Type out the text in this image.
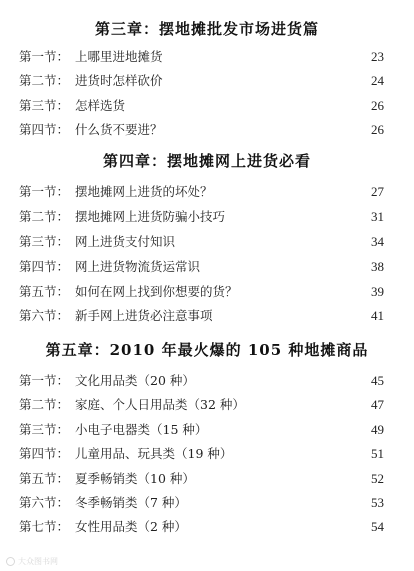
第三章：摆地摊批发市场进货篇
第一节： 上哪里进地摊货	23
第二节： 进货时怎样砍价	24
第三节： 怎样选货	26
第四节： 什么货不要进？	26
第四章：摆地摊网上进货必看
第一节： 摆地摊网上进货的坏处？	27
第二节： 摆地摊网上进货防骗小技巧	31
第三节： 网上进货支付知识	34
第四节： 网上进货物流货运常识	38
第五节： 如何在网上找到你想要的货？	39
第六节： 新手网上进货必注意事项	41
第五章：2010 年最火爆的 105 种地摊商品
第一节： 文化用品类（20 种）	45
第二节： 家庭、个人日用品类（32 种）	47
第三节： 小电子电器类（15 种）	49
第四节： 儿童用品、玩具类（19 种）	51
第五节： 夏季畅销类（10 种）	52
第六节： 冬季畅销类（7 种）	53
第七节： 女性用品类（2 种）	54
大众图书网
